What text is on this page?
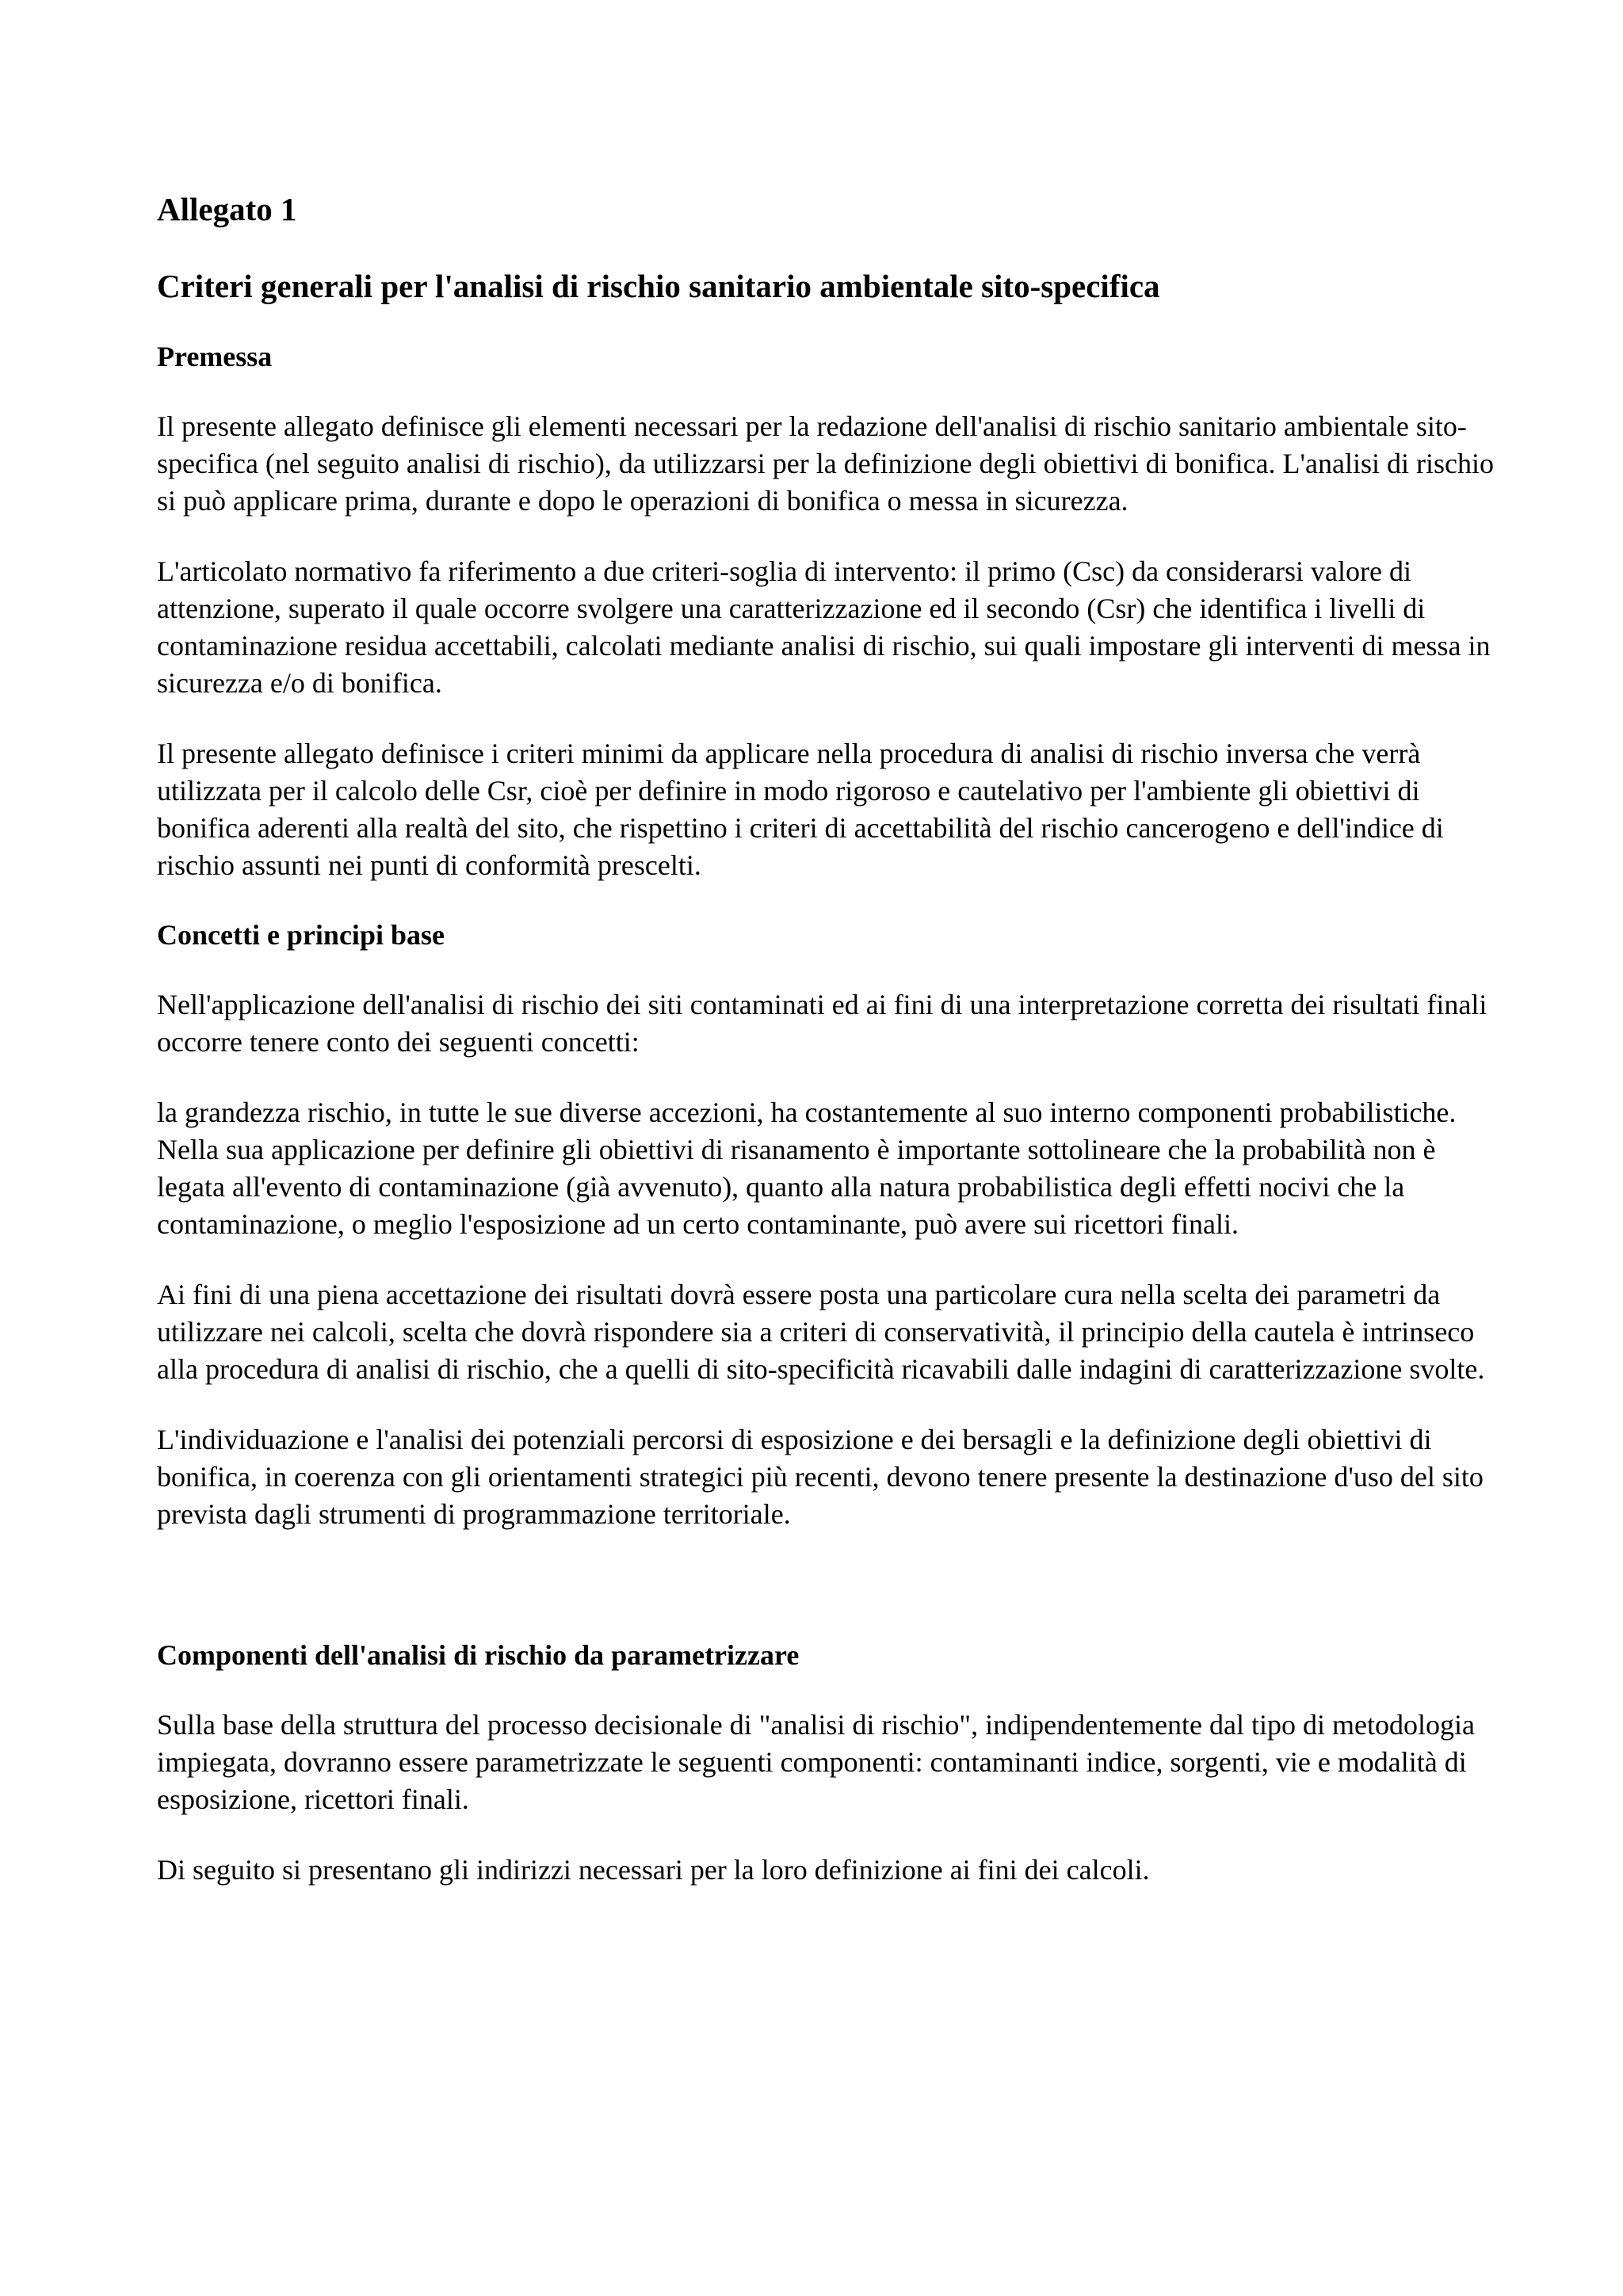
Allegato 1
Criteri generali per l'analisi di rischio sanitario ambientale sito-specifica
Premessa

Il presente allegato definisce gli elementi necessari per la redazione dell'analisi di rischio sanitario ambientale sito-specifica (nel seguito analisi di rischio), da utilizzarsi per la definizione degli obiettivi di bonifica. L'analisi di rischio si può applicare prima, durante e dopo le operazioni di bonifica o messa in sicurezza.

L'articolato normativo fa riferimento a due criteri-soglia di intervento: il primo (Csc) da considerarsi valore di attenzione, superato il quale occorre svolgere una caratterizzazione ed il secondo (Csr) che identifica i livelli di contaminazione residua accettabili, calcolati mediante analisi di rischio, sui quali impostare gli interventi di messa in sicurezza e/o di bonifica.

Il presente allegato definisce i criteri minimi da applicare nella procedura di analisi di rischio inversa che verrà utilizzata per il calcolo delle Csr, cioè per definire in modo rigoroso e cautelativo per l'ambiente gli obiettivi di bonifica aderenti alla realtà del sito, che rispettino i criteri di accettabilità del rischio cancerogeno e dell'indice di rischio assunti nei punti di conformità prescelti.

Concetti e principi base

Nell'applicazione dell'analisi di rischio dei siti contaminati ed ai fini di una interpretazione corretta dei risultati finali occorre tenere conto dei seguenti concetti:

la grandezza rischio, in tutte le sue diverse accezioni, ha costantemente al suo interno componenti probabilistiche. Nella sua applicazione per definire gli obiettivi di risanamento è importante sottolineare che la probabilità non è legata all'evento di contaminazione (già avvenuto), quanto alla natura probabilistica degli effetti nocivi che la contaminazione, o meglio l'esposizione ad un certo contaminante, può avere sui ricettori finali.

Ai fini di una piena accettazione dei risultati dovrà essere posta una particolare cura nella scelta dei parametri da utilizzare nei calcoli, scelta che dovrà rispondere sia a criteri di conservatività, il principio della cautela è intrinseco alla procedura di analisi di rischio, che a quelli di sito-specificità ricavabili dalle indagini di caratterizzazione svolte.

L'individuazione e l'analisi dei potenziali percorsi di esposizione e dei bersagli e la definizione degli obiettivi di bonifica, in coerenza con gli orientamenti strategici più recenti, devono tenere presente la destinazione d'uso del sito prevista dagli strumenti di programmazione territoriale.

Componenti dell'analisi di rischio da parametrizzare

Sulla base della struttura del processo decisionale di "analisi di rischio", indipendentemente dal tipo di metodologia impiegata, dovranno essere parametrizzate le seguenti componenti: contaminanti indice, sorgenti, vie e modalità di esposizione, ricettori finali.

Di seguito si presentano gli indirizzi necessari per la loro definizione ai fini dei calcoli.
